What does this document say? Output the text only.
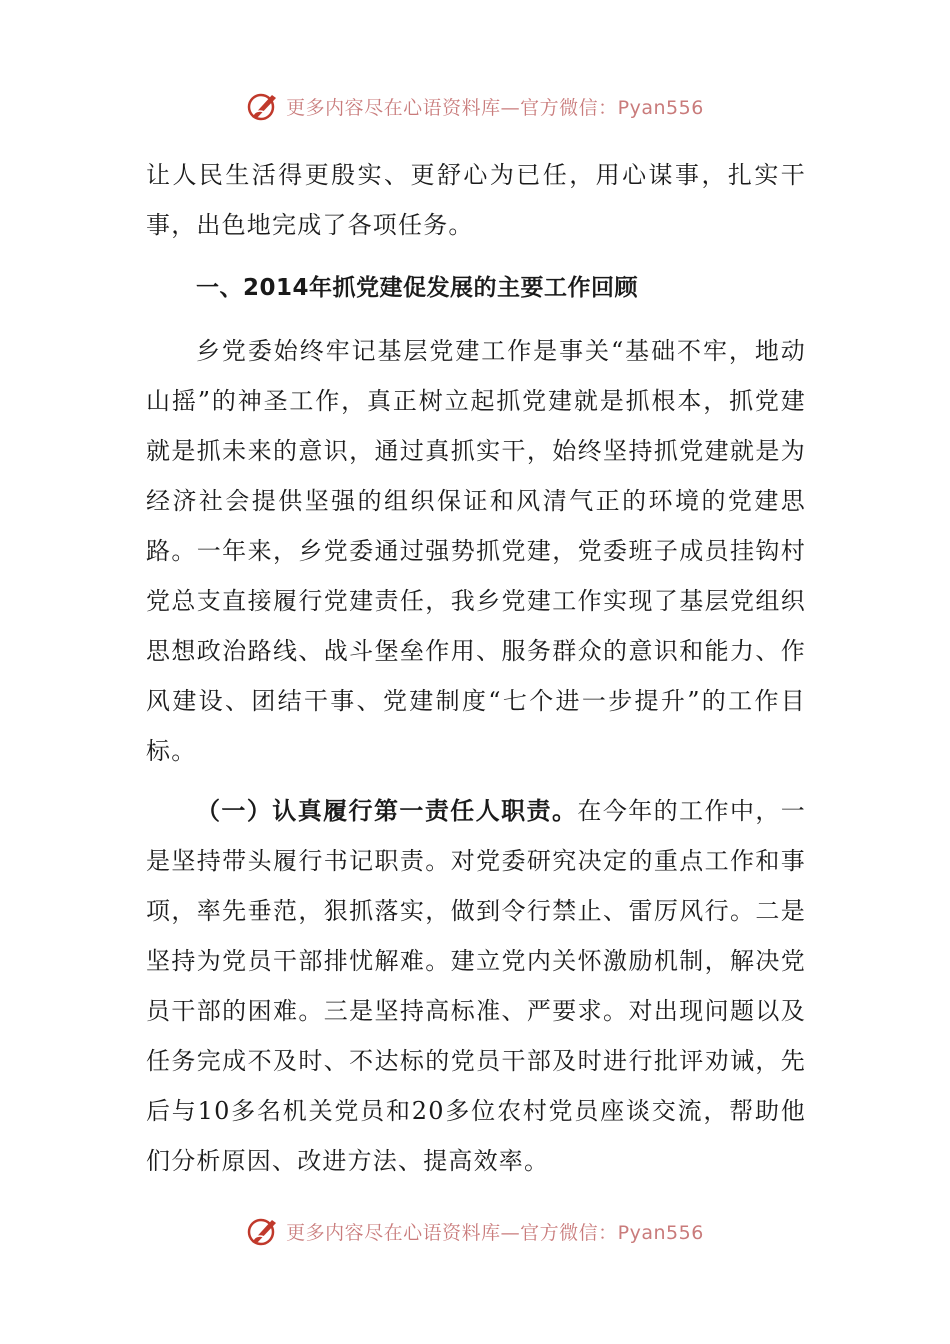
更多内容尽在心语资料库—官方微信：Pyan556

让人民生活得更殷实、更舒心为已任，用心谋事，扎实干事，出色地完成了各项任务。

一、2014年抓党建促发展的主要工作回顾

乡党委始终牢记基层党建工作是事关“基础不牢，地动山摇”的神圣工作，真正树立起抓党建就是抓根本，抓党建就是抓未来的意识，通过真抓实干，始终坚持抓党建就是为经济社会提供坚强的组织保证和风清气正的环境的党建思路。一年来，乡党委通过强势抓党建，党委班子成员挂钩村党总支直接履行党建责任，我乡党建工作实现了基层党组织思想政治路线、战斗堡垒作用、服务群众的意识和能力、作风建设、团结干事、党建制度“七个进一步提升”的工作目标。

（一）认真履行第一责任人职责。在今年的工作中，一是坚持带头履行书记职责。对党委研究决定的重点工作和事项，率先垂范，狠抓落实，做到令行禁止、雷厉风行。二是坚持为党员干部排忧解难。建立党内关怀激励机制，解决党员干部的困难。三是坚持高标准、严要求。对出现问题以及任务完成不及时、不达标的党员干部及时进行批评劝诫，先后与10多名机关党员和20多位农村党员座谈交流，帮助他们分析原因、改进方法、提高效率。

更多内容尽在心语资料库—官方微信：Pyan556
